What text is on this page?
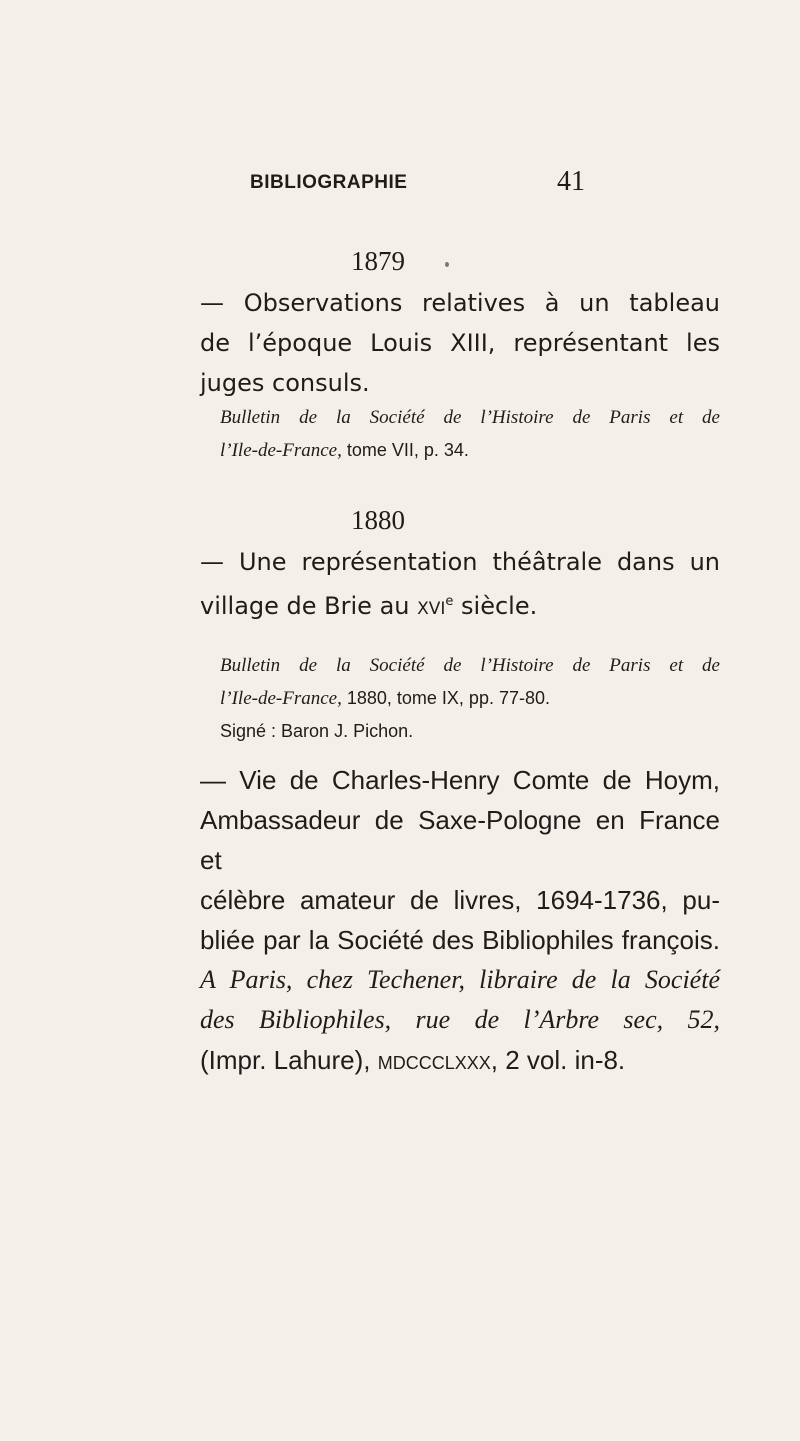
BIBLIOGRAPHIE	41
1879
— Observations relatives à un tableau
de l’époque Louis XIII, représentant les
juges consuls.
Bulletin de la Société de l’Histoire de Paris et de
l’Ile-de-France, tome VII, p. 34.
1880
— Une représentation théâtrale dans un
village de Brie au xvi$^e$ siècle.
Bulletin de la Société de l’Histoire de Paris et de
l’Ile-de-France, 1880, tome IX, pp. 77-80.
Signé : Baron J. Pichon.
— Vie de Charles-Henry Comte de Hoym,
Ambassadeur de Saxe-Pologne en France et
célèbre amateur de livres, 1694-1736, pu-
bliée par la Société des Bibliophiles françois.
A Paris, chez Techener, libraire de la Société
des Bibliophiles, rue de l’Arbre sec, 52,
(Impr. Lahure), mdccclxxx, 2 vol. in-8.
